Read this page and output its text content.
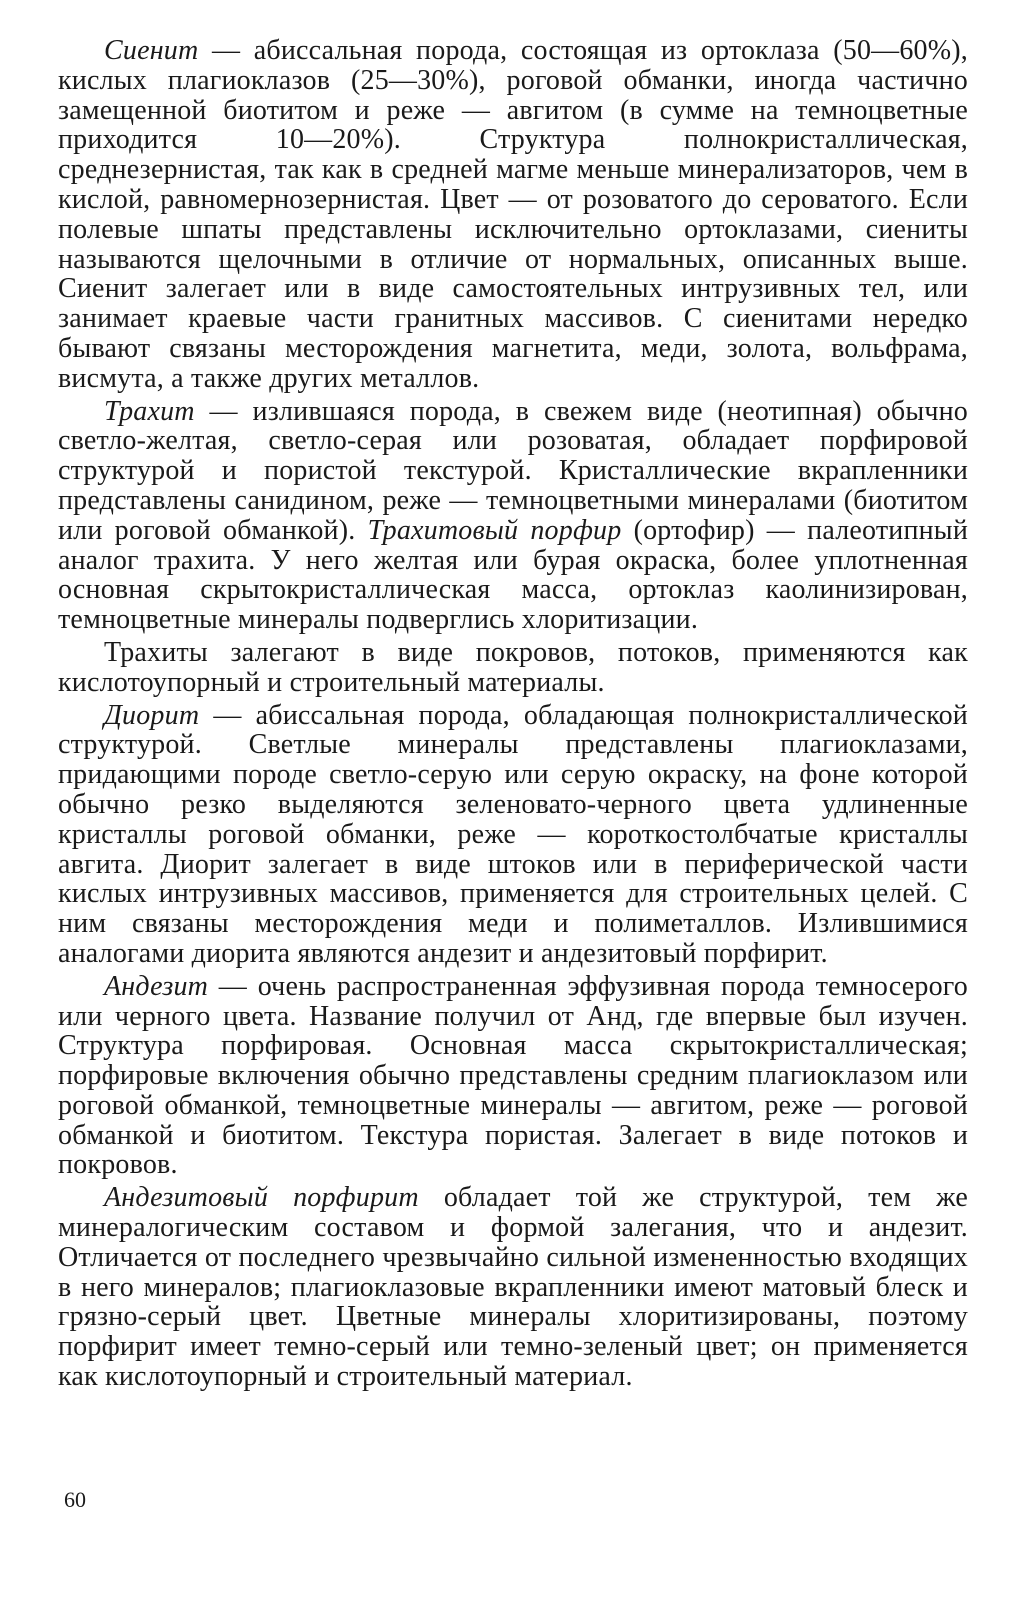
Сиенит — абиссальная порода, состоящая из ортоклаза (50—60%), кислых плагиоклазов (25—30%), роговой обманки, иногда частично замещенной биотитом и реже — авгитом (в сумме на темноцветные приходится 10—20%). Структура полнокристаллическая, среднезернистая, так как в средней магме меньше минерализаторов, чем в кислой, равномернозернистая. Цвет — от розоватого до сероватого. Если полевые шпаты представлены исключительно ортоклазами, сиениты называются щелочными в отличие от нормальных, описанных выше. Сиенит залегает или в виде самостоятельных интрузивных тел, или занимает краевые части гранитных массивов. С сиенитами нередко бывают связаны месторождения магнетита, меди, золота, вольфрама, висмута, а также других металлов.

Трахит — излившаяся порода, в свежем виде (неотипная) обычно светло-желтая, светло-серая или розоватая, обладает порфировой структурой и пористой текстурой. Кристаллические вкрапленники представлены санидином, реже — темноцветными минералами (биотитом или роговой обманкой). Трахитовый порфир (ортофир) — палеотипный аналог трахита. У него желтая или бурая окраска, более уплотненная основная скрытокристаллическая масса, ортоклаз каолинизирован, темноцветные минералы подверглись хлоритизации.

Трахиты залегают в виде покровов, потоков, применяются как кислотоупорный и строительный материалы.

Диорит — абиссальная порода, обладающая полнокристаллической структурой. Светлые минералы представлены плагиоклазами, придающими породе светло-серую или серую окраску, на фоне которой обычно резко выделяются зеленовато-черного цвета удлиненные кристаллы роговой обманки, реже — короткостолбчатые кристаллы авгита. Диорит залегает в виде штоков или в периферической части кислых интрузивных массивов, применяется для строительных целей. С ним связаны месторождения меди и полиметаллов. Излившимися аналогами диорита являются андезит и андезитовый порфирит.

Андезит — очень распространенная эффузивная порода темносерого или черного цвета. Название получил от Анд, где впервые был изучен. Структура порфировая. Основная масса скрытокристаллическая; порфировые включения обычно представлены средним плагиоклазом или роговой обманкой, темноцветные минералы — авгитом, реже — роговой обманкой и биотитом. Текстура пористая. Залегает в виде потоков и покровов.

Андезитовый порфирит обладает той же структурой, тем же минералогическим составом и формой залегания, что и андезит. Отличается от последнего чрезвычайно сильной измененностью входящих в него минералов; плагиоклазовые вкрапленники имеют матовый блеск и грязно-серый цвет. Цветные минералы хлоритизированы, поэтому порфирит имеет темно-серый или темно-зеленый цвет; он применяется как кислотоупорный и строительный материал.

60
